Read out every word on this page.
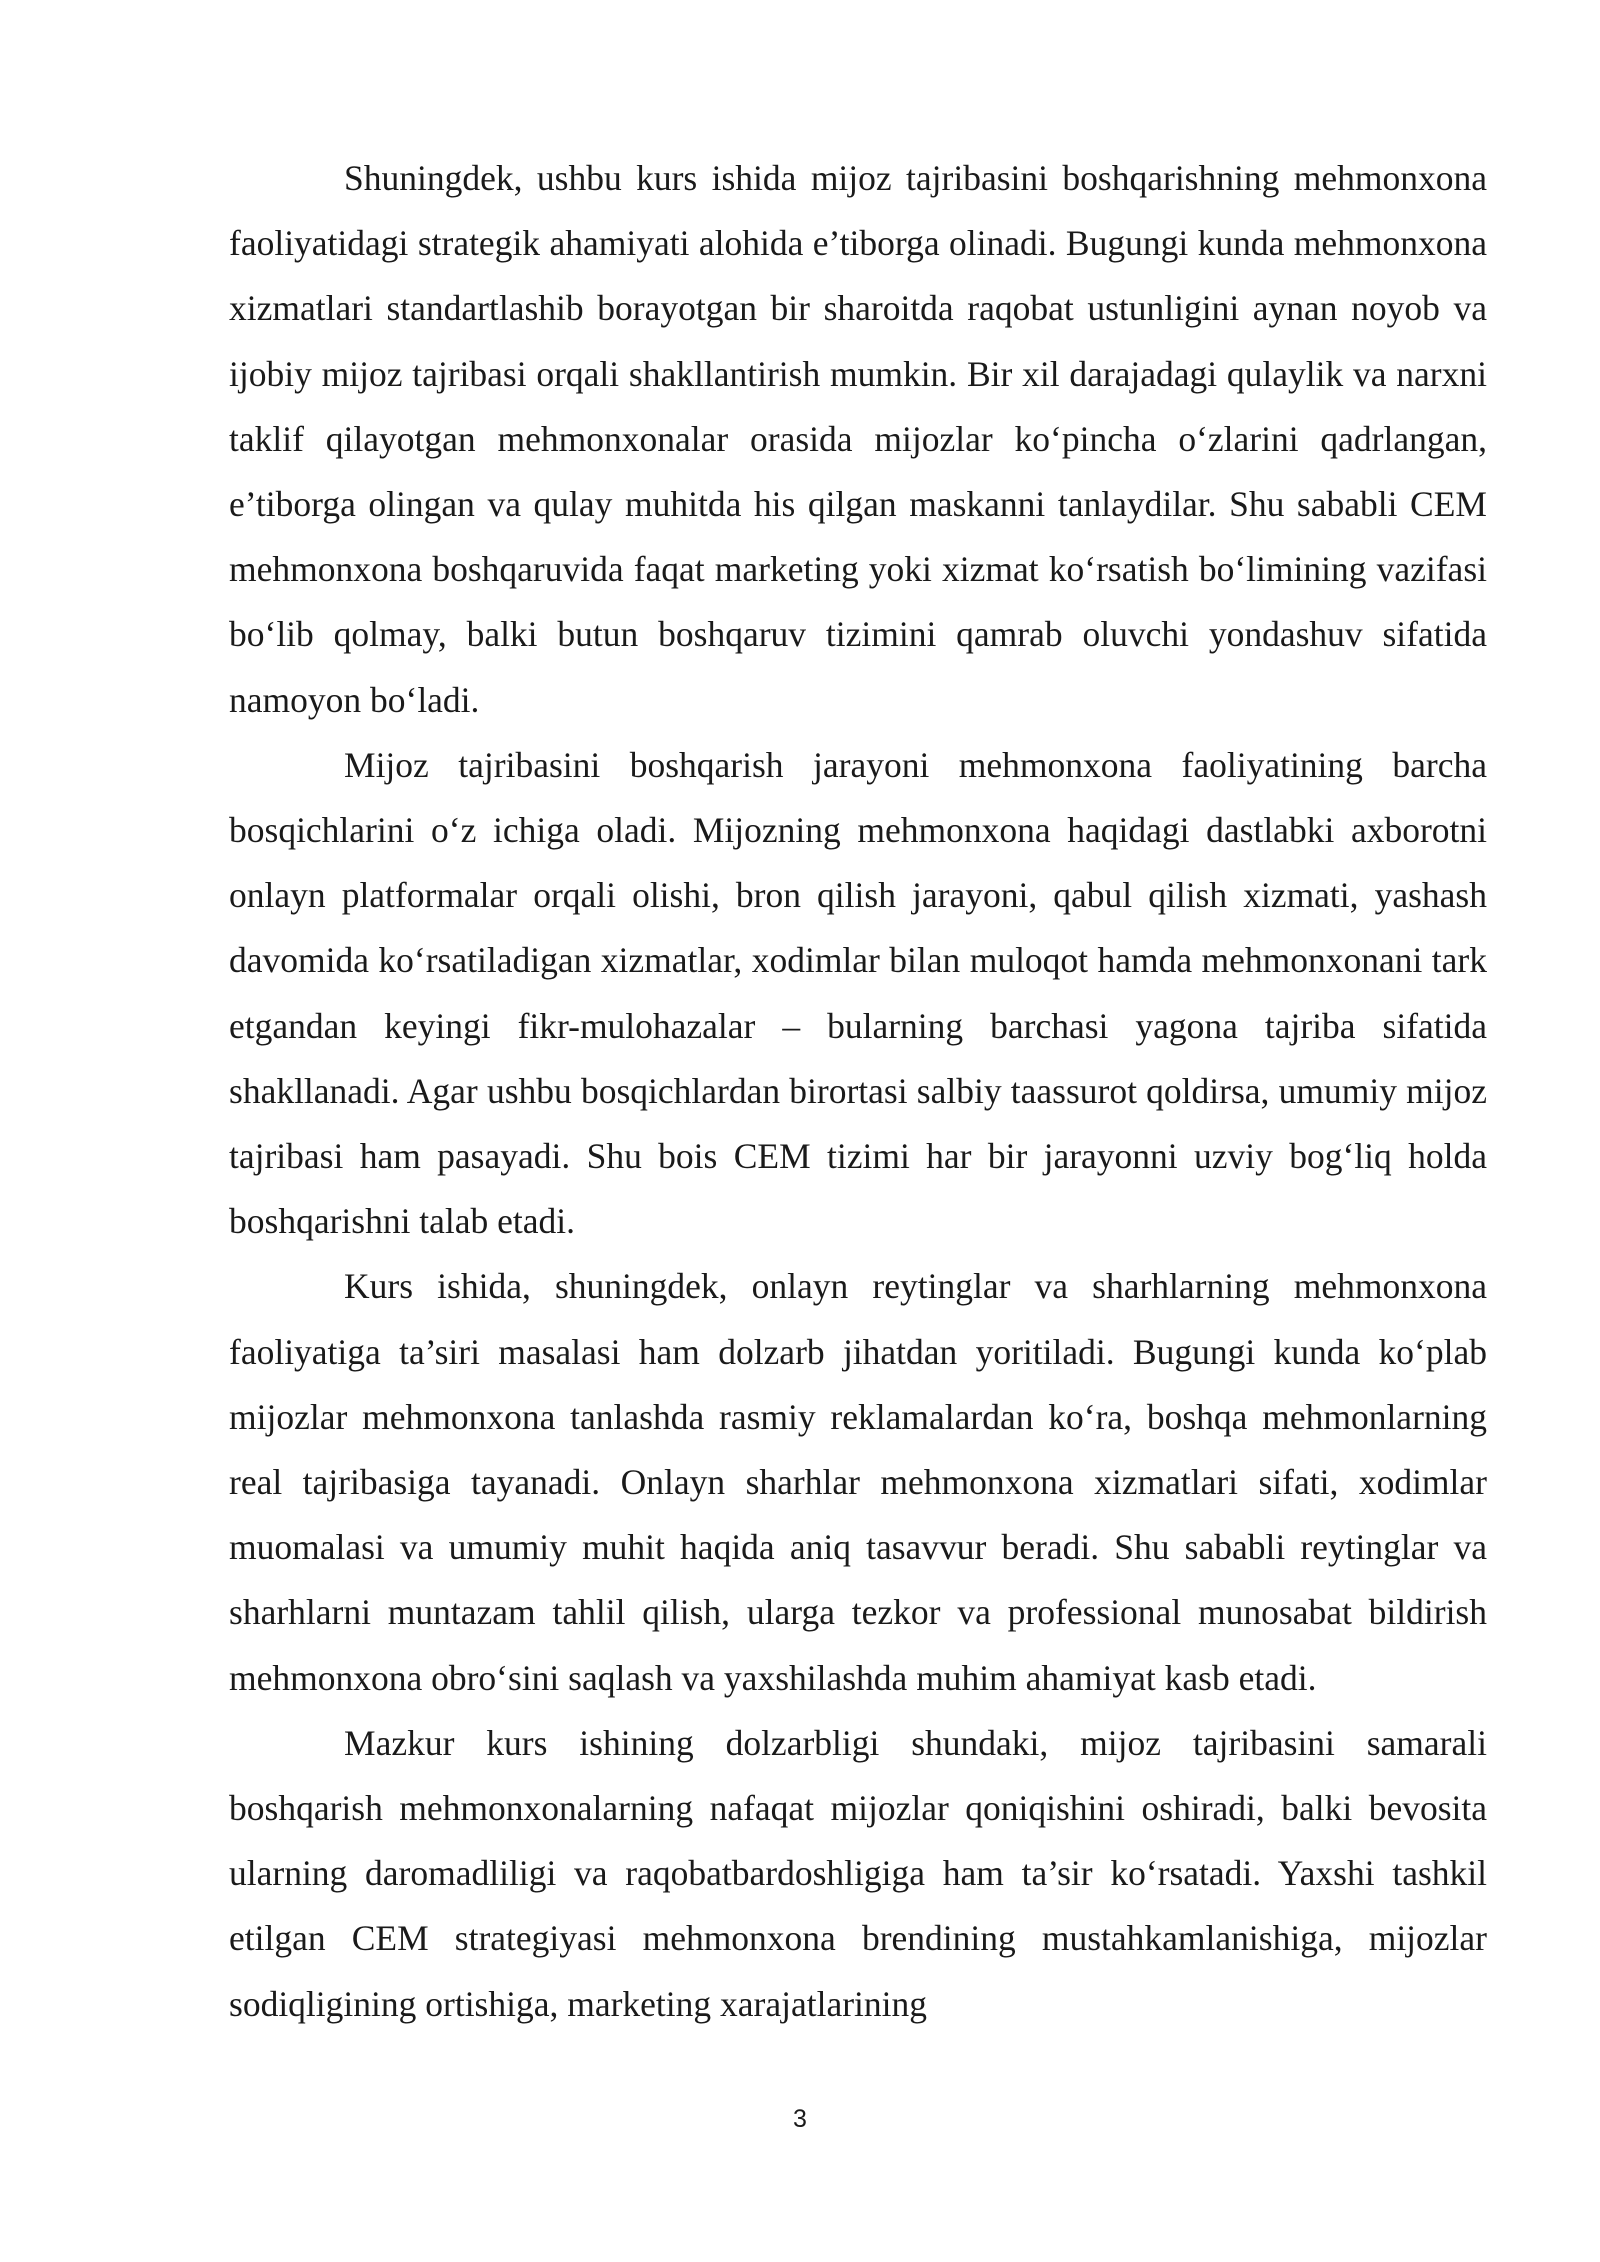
Shuningdek, ushbu kurs ishida mijoz tajribasini boshqarishning mehmonxona faoliyatidagi strategik ahamiyati alohida e’tiborga olinadi. Bugungi kunda mehmonxona xizmatlari standartlashib borayotgan bir sharoitda raqobat ustunligini aynan noyob va ijobiy mijoz tajribasi orqali shakllantirish mumkin. Bir xil darajadagi qulaylik va narxni taklif qilayotgan mehmonxonalar orasida mijozlar koʻpincha oʻzlarini qadrlangan, e’tiborga olingan va qulay muhitda his qilgan maskanni tanlaydilar. Shu sababli CEM mehmonxona boshqaruvida faqat marketing yoki xizmat koʻrsatish boʻlimining vazifasi boʻlib qolmay, balki butun boshqaruv tizimini qamrab oluvchi yondashuv sifatida namoyon boʻladi.

Mijoz tajribasini boshqarish jarayoni mehmonxona faoliyatining barcha bosqichlarini oʻz ichiga oladi. Mijozning mehmonxona haqidagi dastlabki axborotni onlayn platformalar orqali olishi, bron qilish jarayoni, qabul qilish xizmati, yashash davomida koʻrsatiladigan xizmatlar, xodimlar bilan muloqot hamda mehmonxonani tark etgandan keyingi fikr-mulohazalar – bularning barchasi yagona tajriba sifatida shakllanadi. Agar ushbu bosqichlardan birortasi salbiy taassurot qoldirsa, umumiy mijoz tajribasi ham pasayadi. Shu bois CEM tizimi har bir jarayonni uzviy bogʻliq holda boshqarishni talab etadi.

Kurs ishida, shuningdek, onlayn reytinglar va sharhlarning mehmonxona faoliyatiga ta’siri masalasi ham dolzarb jihatdan yoritiladi. Bugungi kunda koʻplab mijozlar mehmonxona tanlashda rasmiy reklamalardan koʻra, boshqa mehmonlarning real tajribasiga tayanadi. Onlayn sharhlar mehmonxona xizmatlari sifati, xodimlar muomalasi va umumiy muhit haqida aniq tasavvur beradi. Shu sababli reytinglar va sharhlarni muntazam tahlil qilish, ularga tezkor va professional munosabat bildirish mehmonxona obroʻsini saqlash va yaxshilashda muhim ahamiyat kasb etadi.

Mazkur kurs ishining dolzarbligi shundaki, mijoz tajribasini samarali boshqarish mehmonxonalarning nafaqat mijozlar qoniqishini oshiradi, balki bevosita ularning daromadliligi va raqobatbardoshligiga ham ta’sir koʻrsatadi. Yaxshi tashkil etilgan CEM strategiyasi mehmonxona brendining mustahkamlanishiga, mijozlar sodiqligining ortishiga, marketing xarajatlarining

3
